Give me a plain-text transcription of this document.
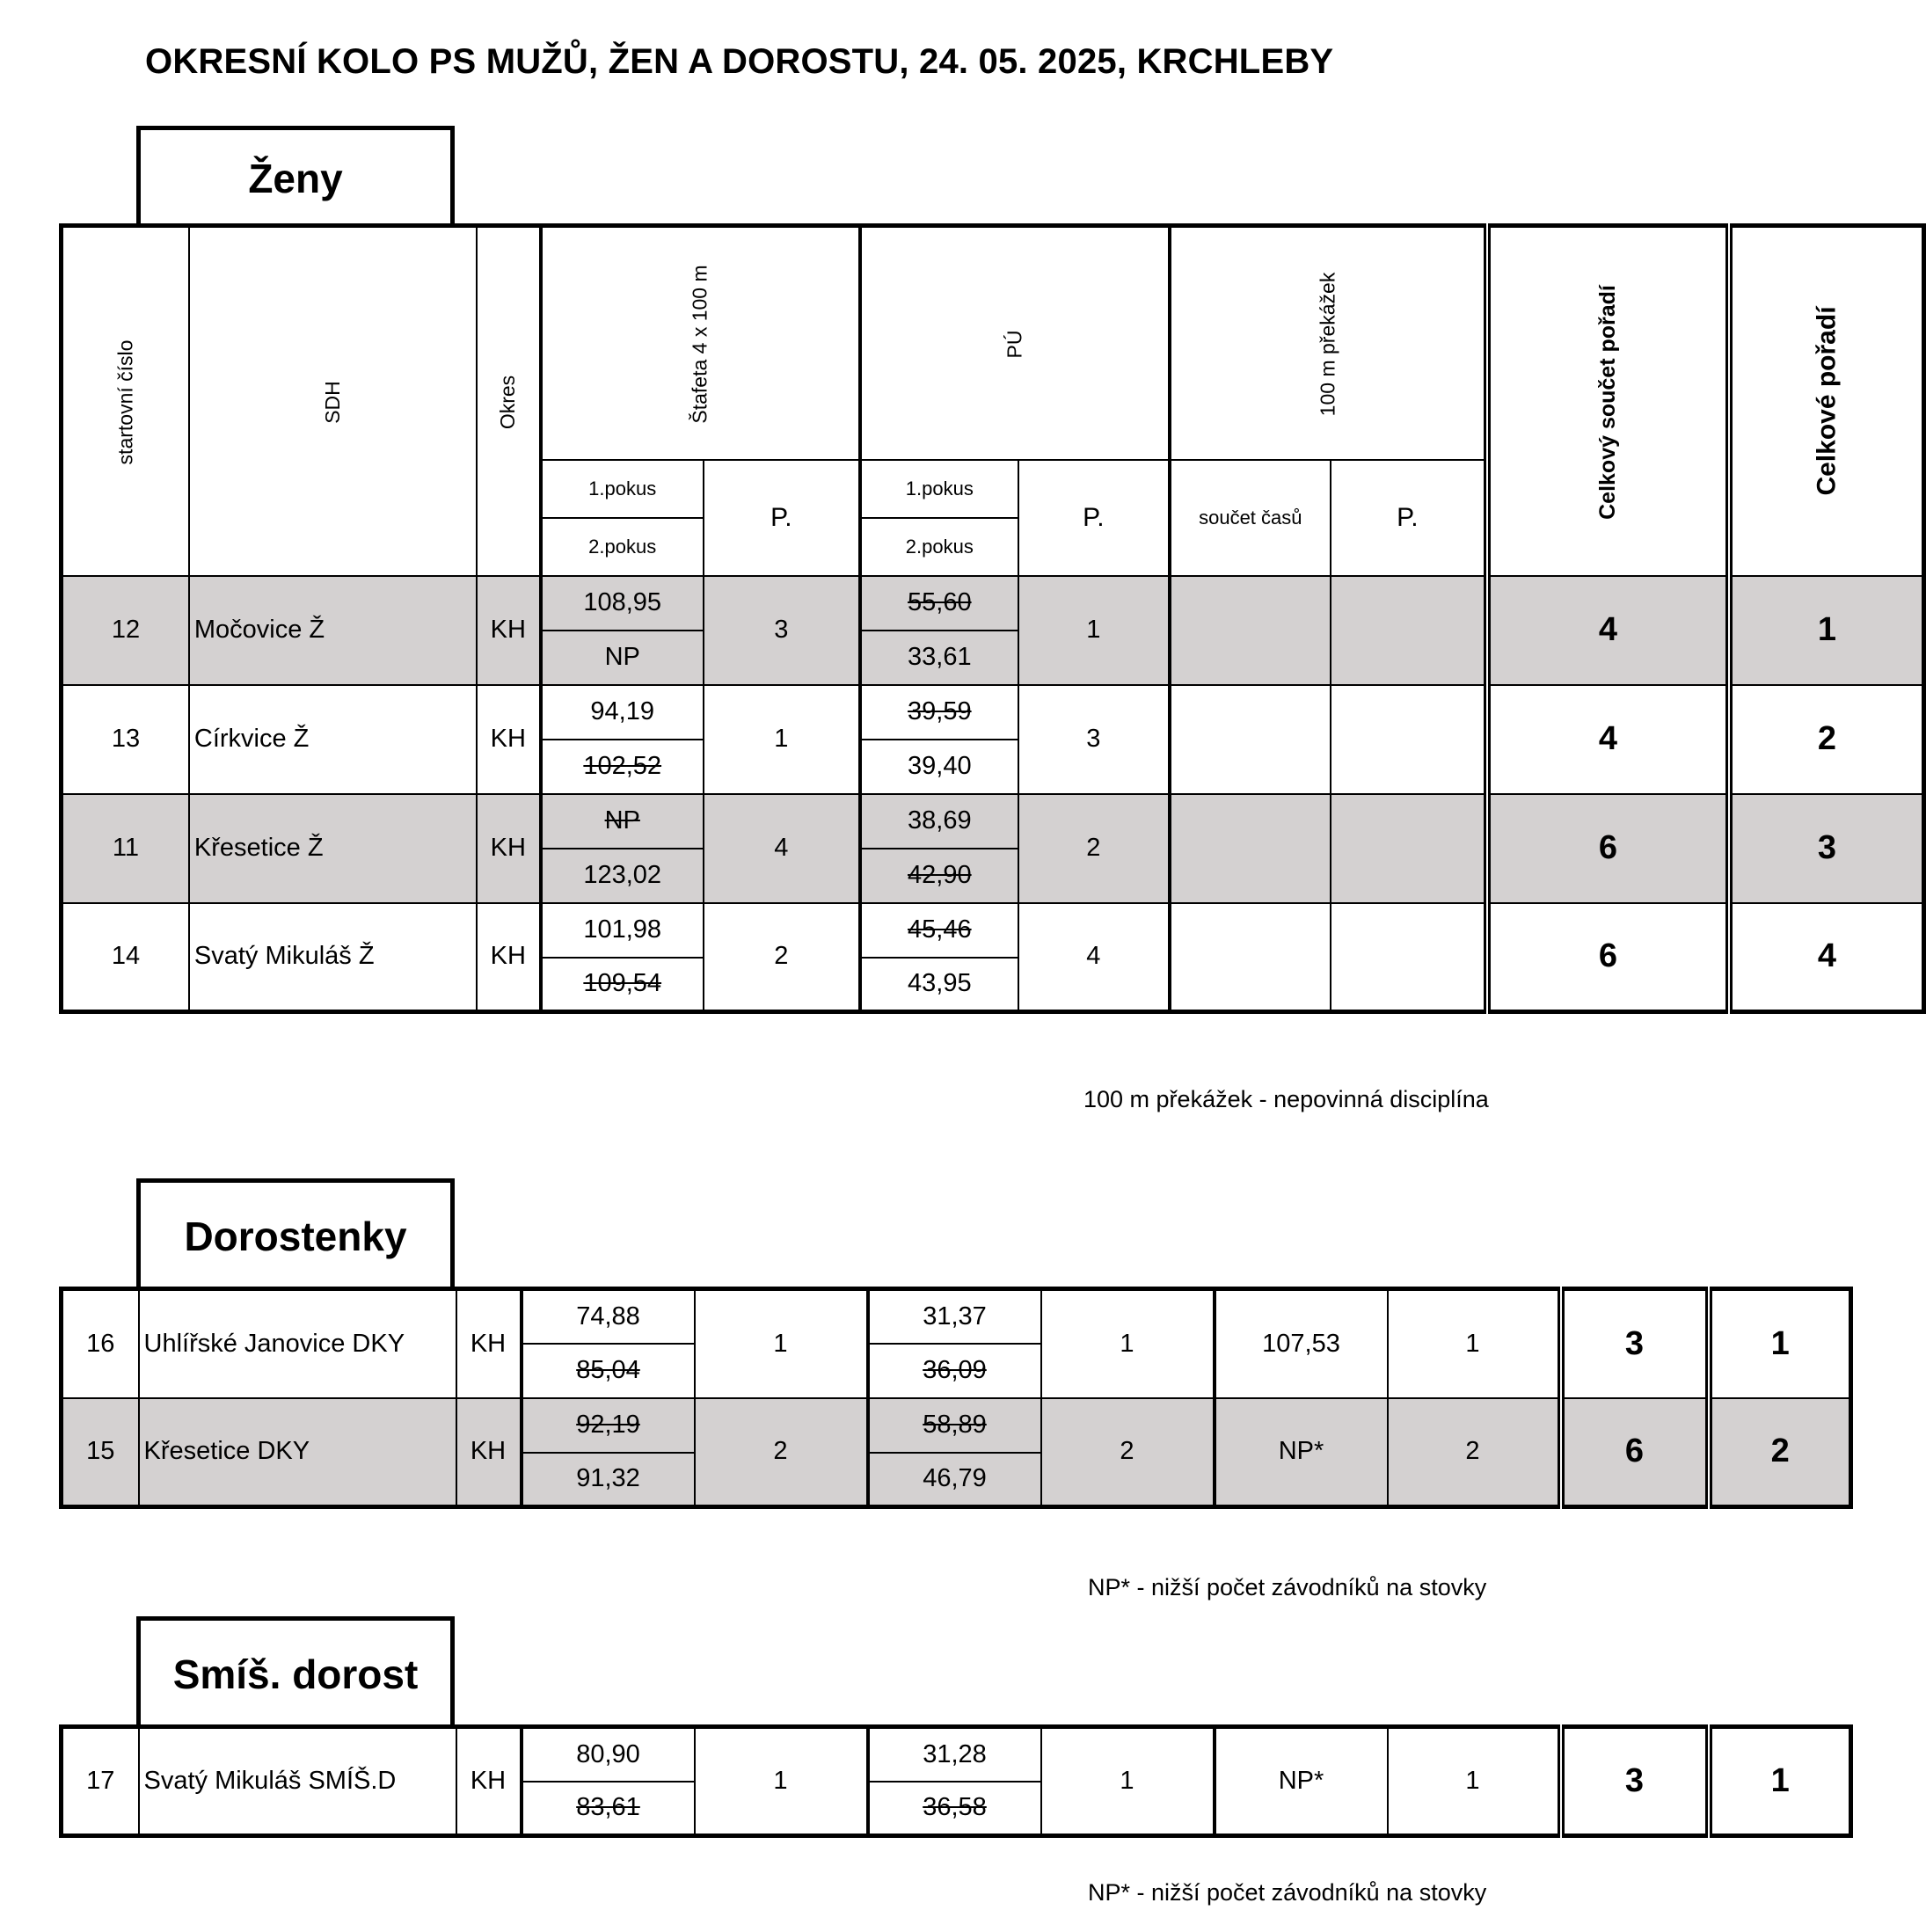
OKRESNÍ KOLO PS MUŽŮ, ŽEN A DOROSTU, 24. 05. 2025, KRCHLEBY
Ženy
startovní číslo	SDH	Okres	Štafeta 4 x 100 m		PÚ		100 m překážek		Celkový součet pořadí	Celkové pořadí
			1.pokus	P.	1.pokus	P.	součet časů	P.		
			2.pokus		2.pokus					
12	Močovice Ž	KH	108,95	3	55,60	1			4	1
			NP		33,61					
13	Církvice Ž	KH	94,19	1	39,59	3			4	2
			102,52		39,40					
11	Křesetice Ž	KH	NP	4	38,69	2			6	3
			123,02		42,90					
14	Svatý Mikuláš Ž	KH	101,98	2	45,46	4			6	4
			109,54		43,95					
100 m překážek - nepovinná disciplína
Dorostenky
16	Uhlířské Janovice DKY	KH	74,88	1	31,37	1	107,53	1	3	1
			85,04		36,09					
15	Křesetice DKY	KH	92,19	2	58,89	2	NP*	2	6	2
			91,32		46,79					
NP* - nižší počet závodníků na stovky
Smíš. dorost
17	Svatý Mikuláš SMÍŠ.D	KH	80,90	1	31,28	1	NP*	1	3	1
			83,61		36,58					
NP* - nižší počet závodníků na stovky
